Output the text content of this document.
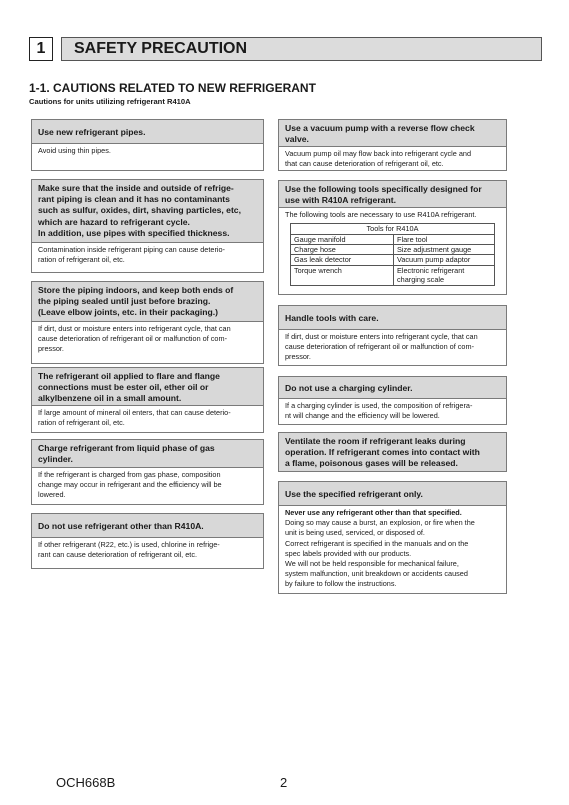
1	SAFETY PRECAUTION
1-1. CAUTIONS RELATED TO NEW REFRIGERANT
Cautions for units utilizing refrigerant R410A
Use new refrigerant pipes.
Avoid using thin pipes.
Make sure that the inside and outside of refrige-
rant piping is clean and it has no contaminants
such as sulfur, oxides, dirt, shaving particles, etc,
which are hazard to refrigerant cycle.
In addition, use pipes with specified thickness.
Contamination inside refrigerant piping can cause deterio-
ration of refrigerant oil, etc.
Store the piping indoors, and keep both ends of
the piping sealed until just before brazing.
(Leave elbow joints, etc. in their packaging.)
If dirt, dust or moisture enters into refrigerant cycle, that can
cause deterioration of refrigerant oil or malfunction of com-
pressor.
The refrigerant oil applied to flare and flange
connections must be ester oil, ether oil or
alkylbenzene oil in a small amount.
If large amount of mineral oil enters, that can cause deterio-
ration of refrigerant oil, etc.
Charge refrigerant from liquid phase of gas
cylinder.
If the refrigerant is charged from gas phase, composition
change may occur in refrigerant and the efficiency will be
lowered.
Do not use refrigerant other than R410A.
If other refrigerant (R22, etc.) is used, chlorine in refrige-
rant can cause deterioration of refrigerant oil, etc.
Use a vacuum pump with a reverse flow check
valve.
Vacuum pump oil may flow back into refrigerant cycle and
that can cause deterioration of refrigerant oil, etc.
Use the following tools specifically designed for
use with R410A refrigerant.
The following tools are necessary to use R410A refrigerant.
Tools for R410A	
Gauge manifold	Flare tool
Charge hose	Size adjustment gauge
Gas leak detector	Vacuum pump adaptor
Torque wrench	Electronic refrigerant charging scale
Handle tools with care.
If dirt, dust or moisture enters into refrigerant cycle, that can
cause deterioration of refrigerant oil or malfunction of com-
pressor.
Do not use a charging cylinder.
If a charging cylinder is used, the composition of refrigera-
nt will change and the efficiency will be lowered.
Ventilate the room if refrigerant leaks during
operation. If refrigerant comes into contact with
a flame, poisonous gases will be released.
Use the specified refrigerant only.
Never use any refrigerant other than that specified.
Doing so may cause a burst, an explosion, or fire when the
unit is being used, serviced, or disposed of.
Correct refrigerant is specified in the manuals and on the
spec labels provided with our products.
We will not be held responsible for mechanical failure,
system malfunction, unit breakdown or accidents caused
by failure to follow the instructions.
OCH668B	2
